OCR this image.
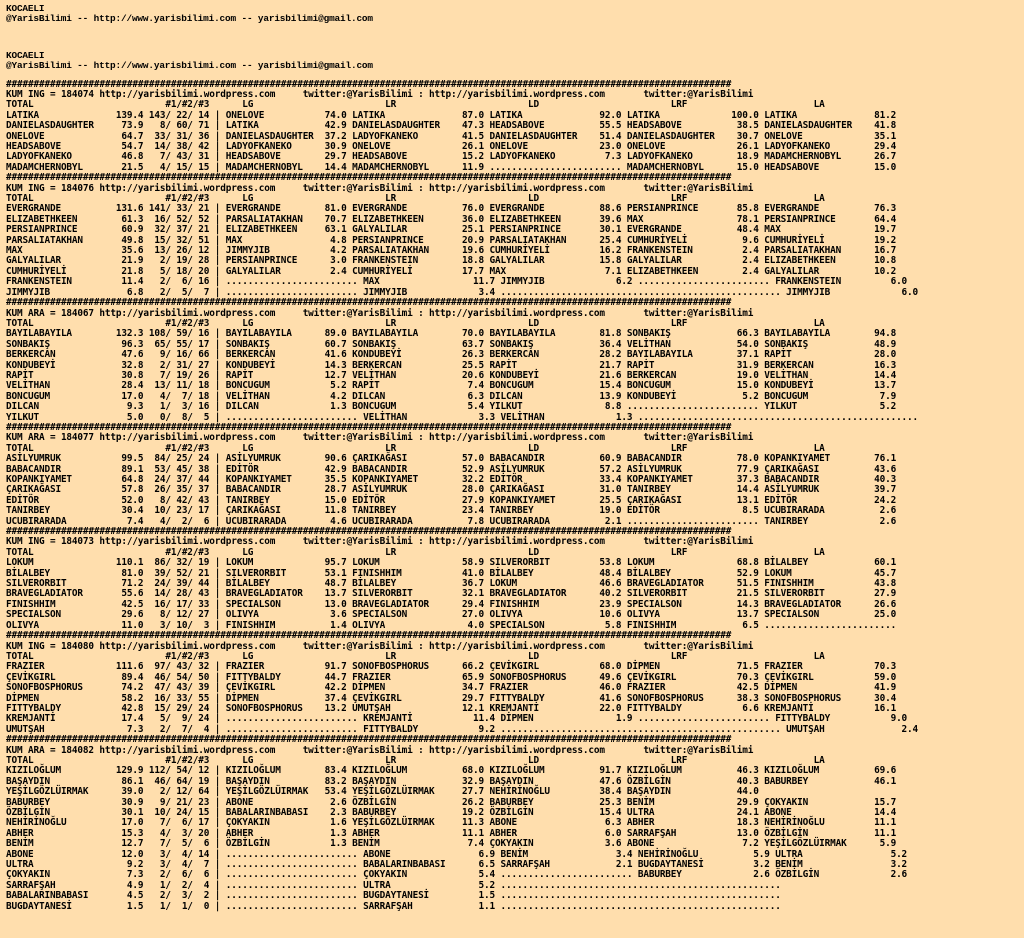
KOCAELI
@YarisBilimi -- http://www.yarisbilimi.com -- yarisbilimi@gmail.com
KOCAELI
@YarisBilimi -- http://www.yarisbilimi.com -- yarisbilimi@gmail.com
####################################################################################################################################
KUM ING = 184074 http://yarisbilimi.wordpress.com     twitter:@YarisBilimi : http://yarisbilimi.wordpress.com       twitter:@YarisBilimi
TOTAL                        #1/#2/#3      LG                        LR                        LD                        LRF                       LA
LATIKA              139.4 143/ 22/ 14 | ONELOVE           74.0 LATIKA              87.0 LATIKA              92.0 LATIKA             100.0 LATIKA              81.2
DANIELASDAUGHTER     73.9   8/ 60/ 71 | LATIKA            42.9 DANIELASDAUGHTER    47.3 HEADSABOVE          55.5 HEADSABOVE          38.5 DANIELASDAUGHTER    41.8
ONELOVE              64.7  33/ 31/ 36 | DANIELASDAUGHTER  37.2 LADYOFKANEKO        41.5 DANIELASDAUGHTER    51.4 DANIELASDAUGHTER    30.7 ONELOVE             35.1
HEADSABOVE           54.7  14/ 38/ 42 | LADYOFKANEKO      30.9 ONELOVE             26.1 ONELOVE             23.0 ONELOVE             26.1 LADYOFKANEKO        29.4
LADYOFKANEKO         46.8   7/ 43/ 31 | HEADSABOVE        29.7 HEADSABOVE          15.2 LADYOFKANEKO         7.3 LADYOFKANEKO        18.9 MADAMCHERNOBYL      26.7
MADAMCHERNOBYL       21.5   4/ 15/ 15 | MADAMCHERNOBYL    14.4 MADAMCHERNOBYL      11.9 ........................ MADAMCHERNOBYL      15.0 HEADSABOVE          15.0
####################################################################################################################################
KUM ING = 184076 http://yarisbilimi.wordpress.com     twitter:@YarisBilimi : http://yarisbilimi.wordpress.com       twitter:@YarisBilimi
TOTAL                        #1/#2/#3      LG                        LR                        LD                        LRF                       LA
EVERGRANDE          131.6 141/ 33/ 21 | EVERGRANDE        81.0 EVERGRANDE          76.0 EVERGRANDE          88.6 PERSIANPRINCE       85.8 EVERGRANDE          76.3
ELIZABETHKEEN        61.3  16/ 52/ 52 | PARSALIATAKHAN    70.7 ELIZABETHKEEN       36.0 ELIZABETHKEEN       39.6 MAX                 78.1 PERSIANPRINCE       64.4
PERSIANPRINCE        60.9  32/ 37/ 21 | ELIZABETHKEEN     63.1 GALYALILAR          25.1 PERSIANPRINCE       30.1 EVERGRANDE          48.4 MAX                 19.7
PARSALIATAKHAN       49.8  15/ 32/ 51 | MAX                4.8 PERSIANPRINCE       20.9 PARSALIATAKHAN      25.4 CUMHURİYELİ          9.6 CUMHURİYELİ         19.2
MAX                  35.6  13/ 26/ 12 | JIMMYJIB           4.2 PARSALIATAKHAN      19.6 CUMHURİYELİ         16.2 FRANKENSTEIN         2.4 PARSALIATAKHAN      16.7
GALYALILAR           21.9   2/ 19/ 28 | PERSIANPRINCE      3.0 FRANKENSTEIN        18.8 GALYALILAR          15.8 GALYALILAR           2.4 ELIZABETHKEEN       10.8
CUMHURİYELİ          21.8   5/ 18/ 20 | GALYALILAR         2.4 CUMHURİYELİ         17.7 MAX                  7.1 ELIZABETHKEEN        2.4 GALYALILAR          10.2
FRANKENSTEIN         11.4   2/  6/ 16 | ........................ MAX                 11.7 JIMMYJIB             6.2 ........................ FRANKENSTEIN         6.0
JIMMYJIB              6.8   2/  5/  7 | ........................ JIMMYJIB             3.4 ................................................... JIMMYJIB             6.0
####################################################################################################################################
KUM ARA = 184067 http://yarisbilimi.wordpress.com     twitter:@YarisBilimi : http://yarisbilimi.wordpress.com       twitter:@YarisBilimi
TOTAL                        #1/#2/#3      LG                        LR                        LD                        LRF                       LA
BAYILABAYILA        132.3 108/ 59/ 16 | BAYILABAYILA      89.0 BAYILABAYILA        70.0 BAYILABAYILA        81.8 SONBAKIŞ            66.3 BAYILABAYILA        94.8
SONBAKIŞ             96.3  65/ 55/ 17 | SONBAKIŞ          60.7 SONBAKIŞ            63.7 SONBAKIŞ            36.4 VELİTHAN            54.0 SONBAKIŞ            48.9
BERKERCAN            47.6   9/ 16/ 66 | BERKERCAN         41.6 KONDUBEYİ           26.3 BERKERCAN           28.2 BAYILABAYILA        37.1 RAPİT               28.0
KONDUBEYİ            32.8   2/ 31/ 27 | KONDUBEYİ         14.3 BERKERCAN           25.5 RAPİT               21.7 RAPİT               31.9 BERKERCAN           16.3
RAPİT                30.8   7/ 19/ 26 | RAPİT             12.7 VELİTHAN            20.6 KONDUBEYİ           21.6 BERKERCAN           19.0 VELİTHAN            14.4
VELİTHAN             28.4  13/ 11/ 18 | BONCUGUM           5.2 RAPİT                7.4 BONCUGUM            15.4 BONCUGUM            15.0 KONDUBEYİ           13.7
BONCUGUM             17.0   4/  7/ 18 | VELİTHAN           4.2 DILCAN               6.3 DILCAN              13.9 KONDUBEYİ            5.2 BONCUGUM             7.9
DILCAN                9.3   1/  3/ 16 | DILCAN             1.3 BONCUGUM             5.4 YILKUT               8.8 ........................ YILKUT               5.2
YILKUT                5.0   0/  8/  5 | ........................ VELİTHAN             3.3 VELİTHAN             1.3 ...................................................
####################################################################################################################################
KUM ARA = 184077 http://yarisbilimi.wordpress.com     twitter:@YarisBilimi : http://yarisbilimi.wordpress.com       twitter:@YarisBilimi
TOTAL                        #1/#2/#3      LG                        LR                        LD                        LRF                       LA
ASİLYUMRUK           99.5  84/ 25/ 24 | ASİLYUMRUK        90.6 ÇARIKAĞASI          57.0 BABACANDIR          60.9 BABACANDIR          78.0 KOPANKIYAMET        76.1
BABACANDIR           89.1  53/ 45/ 38 | EDİTÖR            42.9 BABACANDIR          52.9 ASİLYUMRUK          57.2 ASİLYUMRUK          77.9 ÇARIKAĞASI          43.6
KOPANKIYAMET         64.8  24/ 37/ 44 | KOPANKIYAMET      35.5 KOPANKIYAMET        32.2 EDİTÖR              33.4 KOPANKIYAMET        37.3 BABACANDIR          40.3
ÇARIKAĞASI           57.8  26/ 35/ 37 | BABACANDIR        28.7 ASİLYUMRUK          28.0 ÇARIKAĞASI          31.0 TANIRBEY            14.4 ASİLYUMRUK          39.7
EDİTÖR               52.0   8/ 42/ 43 | TANIRBEY          15.0 EDİTÖR              27.9 KOPANKIYAMET        25.5 ÇARIKAĞASI          13.1 EDİTÖR              24.2
TANIRBEY             30.4  10/ 23/ 17 | ÇARIKAĞASI        11.8 TANIRBEY            23.4 TANIRBEY            19.0 EDİTÖR               8.5 UCUBIRARADA          2.6
UCUBIRARADA           7.4   4/  2/  6 | UCUBIRARADA        4.6 UCUBIRARADA          7.8 UCUBIRARADA          2.1 ........................ TANIRBEY             2.6
####################################################################################################################################
KUM ING = 184073 http://yarisbilimi.wordpress.com     twitter:@YarisBilimi : http://yarisbilimi.wordpress.com       twitter:@YarisBilimi
TOTAL                        #1/#2/#3      LG                        LR                        LD                        LRF                       LA
LOKUM               110.1  86/ 32/ 19 | LOKUM             95.7 LOKUM               58.9 SILVERORBIT         53.8 LOKUM               68.8 BİLALBEY            60.1
BİLALBEY             81.0  39/ 52/ 21 | SILVERORBIT       53.1 FINISHHIM           41.0 BİLALBEY            48.4 BİLALBEY            52.9 LOKUM               45.7
SILVERORBIT          71.2  24/ 39/ 44 | BİLALBEY          48.7 BİLALBEY            36.7 LOKUM               46.6 BRAVEGLADIATOR      51.5 FINISHHIM           43.8
BRAVEGLADIATOR       55.6  14/ 28/ 43 | BRAVEGLADIATOR    13.7 SILVERORBIT         32.1 BRAVEGLADIATOR      40.2 SILVERORBIT         21.5 SILVERORBIT         27.9
FINISHHIM            42.5  16/ 17/ 33 | SPECIALSON        13.0 BRAVEGLADIATOR      29.4 FINISHHIM           23.9 SPECIALSON          14.3 BRAVEGLADIATOR      26.6
SPECIALSON           29.6   8/ 12/ 27 | OLIVYA             3.6 SPECIALSON          27.0 OLIVYA              10.6 OLIVYA              13.7 SPECIALSON          25.0
OLIVYA               11.0   3/ 10/  3 | FINISHHIM          1.4 OLIVYA               4.0 SPECIALSON           5.8 FINISHHIM            6.5 ........................
####################################################################################################################################
KUM ING = 184080 http://yarisbilimi.wordpress.com     twitter:@YarisBilimi : http://yarisbilimi.wordpress.com       twitter:@YarisBilimi
TOTAL                        #1/#2/#3      LG                        LR                        LD                        LRF                       LA
FRAZIER             111.6  97/ 43/ 32 | FRAZIER           91.7 SONOFBOSPHORUS      66.2 ÇEVİKGIRL           68.0 DİPMEN              71.5 FRAZIER             70.3
ÇEVİKGIRL            89.4  46/ 54/ 50 | FITTYBALDY        44.7 FRAZIER             65.9 SONOFBOSPHORUS      49.6 ÇEVİKGIRL           70.3 ÇEVİKGIRL           59.0
SONOFBOSPHORUS       74.2  47/ 43/ 39 | ÇEVİKGIRL         42.2 DİPMEN              34.7 FRAZIER             46.0 FRAZIER             42.5 DİPMEN              41.9
DİPMEN               58.2  16/ 33/ 55 | DİPMEN            37.4 ÇEVİKGIRL           29.7 FITTYBALDY          41.6 SONOFBOSPHORUS      38.3 SONOFBOSPHORUS      30.4
FITTYBALDY           42.8  15/ 29/ 24 | SONOFBOSPHORUS    13.2 UMUTŞAH             12.1 KREMJANTİ           22.0 FITTYBALDY           6.6 KREMJANTİ           16.1
KREMJANTİ            17.4   5/  9/ 24 | ........................ KREMJANTİ           11.4 DİPMEN               1.9 ........................ FITTYBALDY           9.0
UMUTŞAH               7.3   2/  7/  4 | ........................ FITTYBALDY           9.2 ................................................... UMUTŞAH              2.4
####################################################################################################################################
KUM ARA = 184082 http://yarisbilimi.wordpress.com     twitter:@YarisBilimi : http://yarisbilimi.wordpress.com       twitter:@YarisBilimi
TOTAL                        #1/#2/#3      LG                        LR                        LD                        LRF                       LA
KIZILOĞLUM          129.9 112/ 54/ 12 | KIZILOĞLUM        83.4 KIZILOĞLUM          68.0 KIZILOĞLUM          91.7 KIZILOĞLUM          46.3 KIZILOĞLUM          69.6
BAŞAYDIN             86.1  46/ 64/ 19 | BAŞAYDIN          83.2 BAŞAYDIN            32.9 BAŞAYDIN            47.6 ÖZBİLGİN            40.3 BABURBEY            46.1
YEŞİLGÖZLÜIRMAK      39.0   2/ 12/ 64 | YEŞİLGÖZLÜIRMAK   53.4 YEŞİLGÖZLÜIRMAK     27.7 NEHİRİNOĞLU         38.4 BAŞAYDIN            44.0
BABURBEY             30.9   9/ 21/ 23 | ABONE              2.6 ÖZBİLGİN            26.2 BABURBEY            25.3 BENİM               29.9 ÇOKYAKIN            15.7
ÖZBİLGİN             30.1  10/ 24/ 15 | BABALARINBABASI    2.3 BABURBEY            19.2 ÖZBİLGİN            15.4 ULTRA               24.1 ABONE               14.4
NEHİRİNOĞLU          17.0   7/  6/ 17 | ÇOKYAKIN           1.6 YEŞİLGÖZLÜIRMAK     11.3 ABONE                6.3 ABHER               18.3 NEHİRİNOĞLU         11.1
ABHER                15.3   4/  3/ 20 | ABHER              1.3 ABHER               11.1 ABHER                6.0 SARRAFŞAH           13.0 ÖZBİLGİN            11.1
BENİM                12.7   7/  5/  6 | ÖZBİLGİN           1.3 BENİM                7.4 ÇOKYAKIN             3.6 ABONE                7.2 YEŞİLGÖZLÜIRMAK      5.9
ABONE                12.0   3/  4/ 14 | ........................ ABONE                6.9 BENİM                3.4 NEHİRİNOĞLU          5.9 ULTRA                5.2
ULTRA                 9.2   3/  4/  7 | ........................ BABALARINBABASI      6.5 SARRAFŞAH            2.1 BUGDAYTANESİ         3.2 BENİM                3.2
ÇOKYAKIN              7.3   2/  6/  6 | ........................ ÇOKYAKIN             5.4 ........................ BABURBEY             2.6 ÖZBİLGİN             2.6
SARRAFŞAH             4.9   1/  2/  4 | ........................ ULTRA                5.2 ...................................................
BABALARINBABASI       4.5   2/  3/  2 | ........................ BUGDAYTANESİ         1.5 ...................................................
BUGDAYTANESİ          1.5   1/  1/  0 | ........................ SARRAFŞAH            1.1 ...................................................
